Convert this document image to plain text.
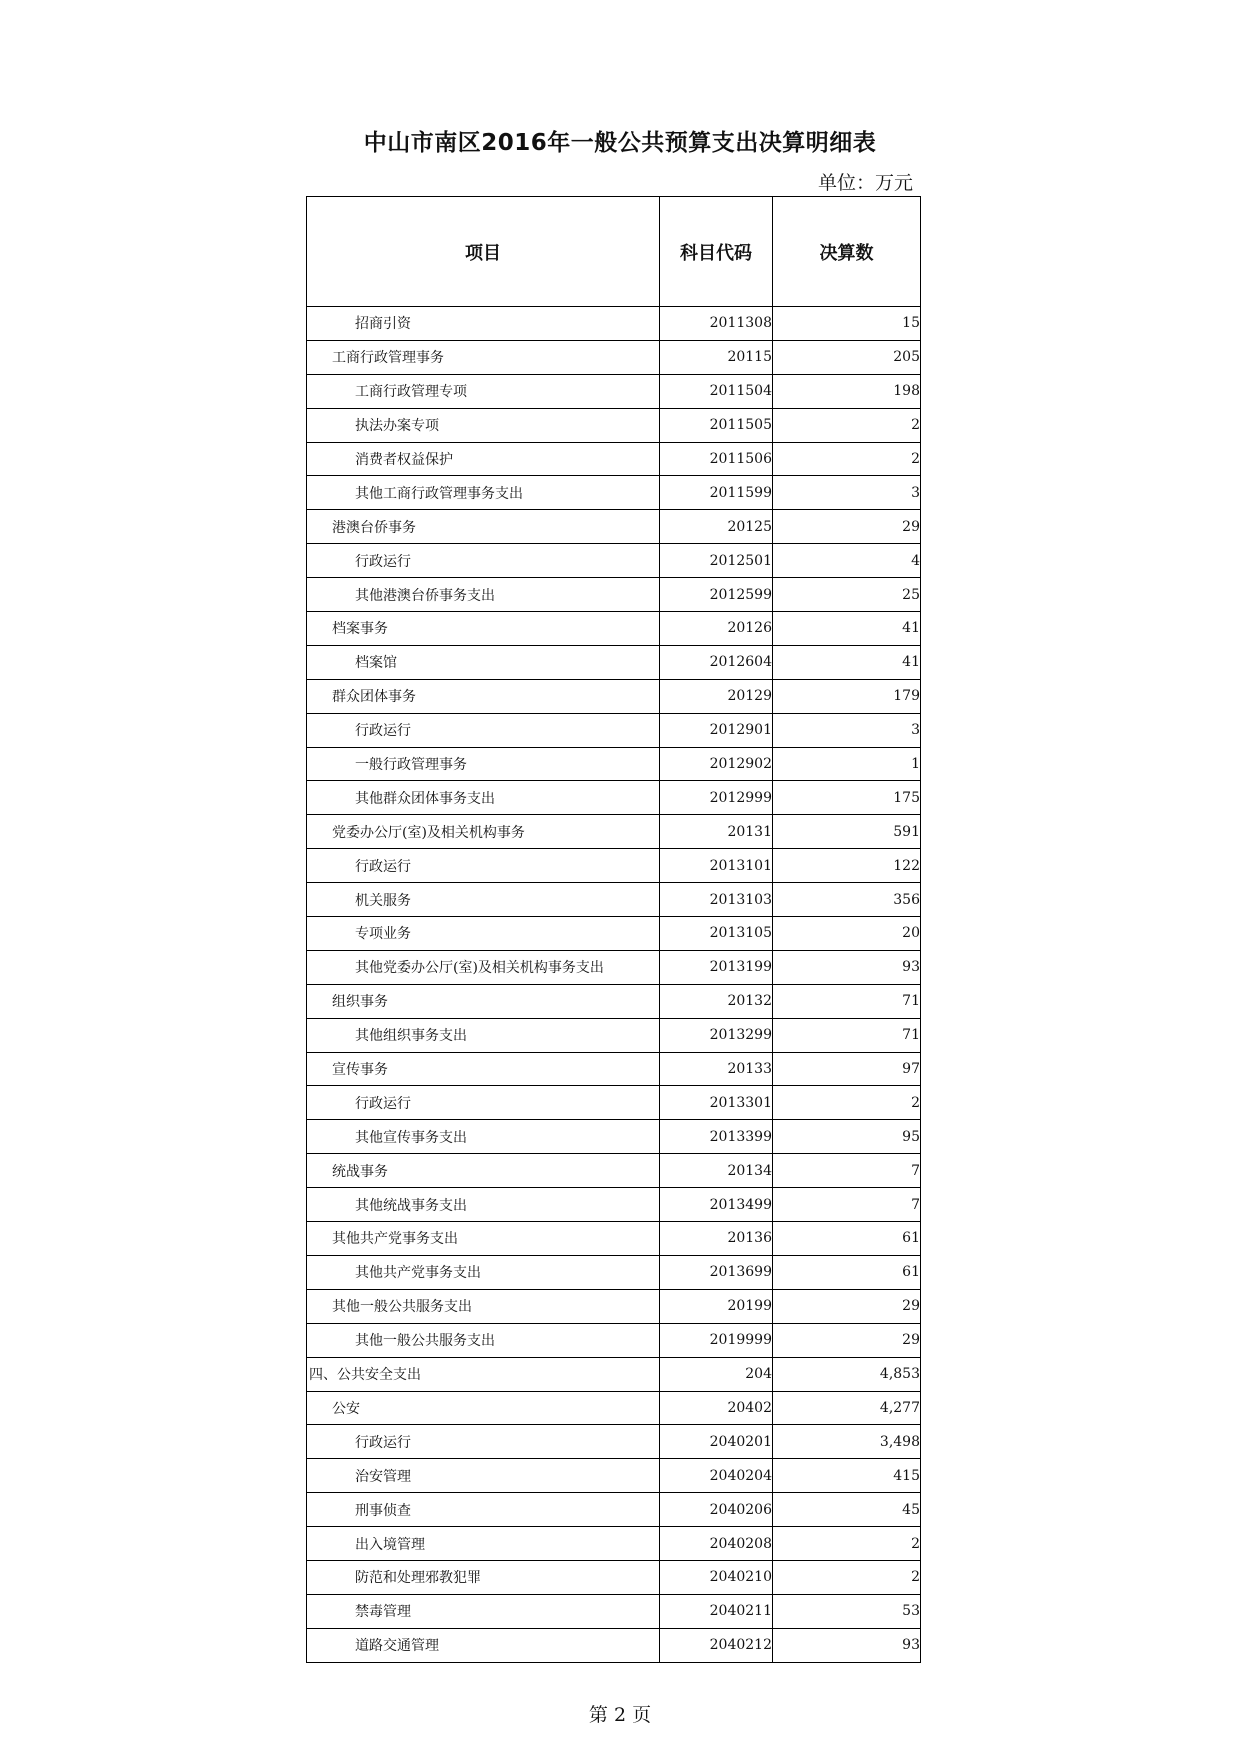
中山市南区2016年一般公共预算支出决算明细表
单位：万元
项目	科目代码	决算数
招商引资	2011308	15
工商行政管理事务	20115	205
工商行政管理专项	2011504	198
执法办案专项	2011505	2
消费者权益保护	2011506	2
其他工商行政管理事务支出	2011599	3
港澳台侨事务	20125	29
行政运行	2012501	4
其他港澳台侨事务支出	2012599	25
档案事务	20126	41
档案馆	2012604	41
群众团体事务	20129	179
行政运行	2012901	3
一般行政管理事务	2012902	1
其他群众团体事务支出	2012999	175
党委办公厅(室)及相关机构事务	20131	591
行政运行	2013101	122
机关服务	2013103	356
专项业务	2013105	20
其他党委办公厅(室)及相关机构事务支出	2013199	93
组织事务	20132	71
其他组织事务支出	2013299	71
宣传事务	20133	97
行政运行	2013301	2
其他宣传事务支出	2013399	95
统战事务	20134	7
其他统战事务支出	2013499	7
其他共产党事务支出	20136	61
其他共产党事务支出	2013699	61
其他一般公共服务支出	20199	29
其他一般公共服务支出	2019999	29
四、公共安全支出	204	4,853
公安	20402	4,277
行政运行	2040201	3,498
治安管理	2040204	415
刑事侦查	2040206	45
出入境管理	2040208	2
防范和处理邪教犯罪	2040210	2
禁毒管理	2040211	53
道路交通管理	2040212	93
第 2 页
